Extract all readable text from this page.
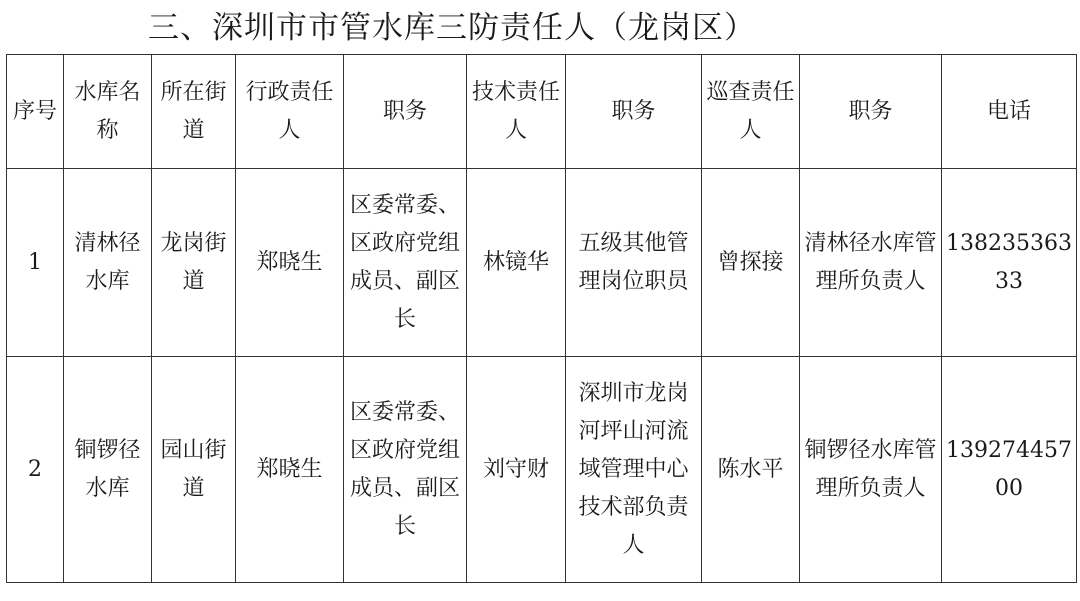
三、深圳市市管水库三防责任人（龙岗区）
序号	水库名称	所在街道	行政责任人	职务	技术责任人	职务	巡查责任人	职务	电话
1	清林径水库	龙岗街道	郑晓生	区委常委、区政府党组成员、副区长	林镜华	五级其他管理岗位职员	曾探接	清林径水库管理所负责人	13823536333
2	铜锣径水库	园山街道	郑晓生	区委常委、区政府党组成员、副区长	刘守财	深圳市龙岗河坪山河流域管理中心技术部负责人	陈水平	铜锣径水库管理所负责人	13927445700
